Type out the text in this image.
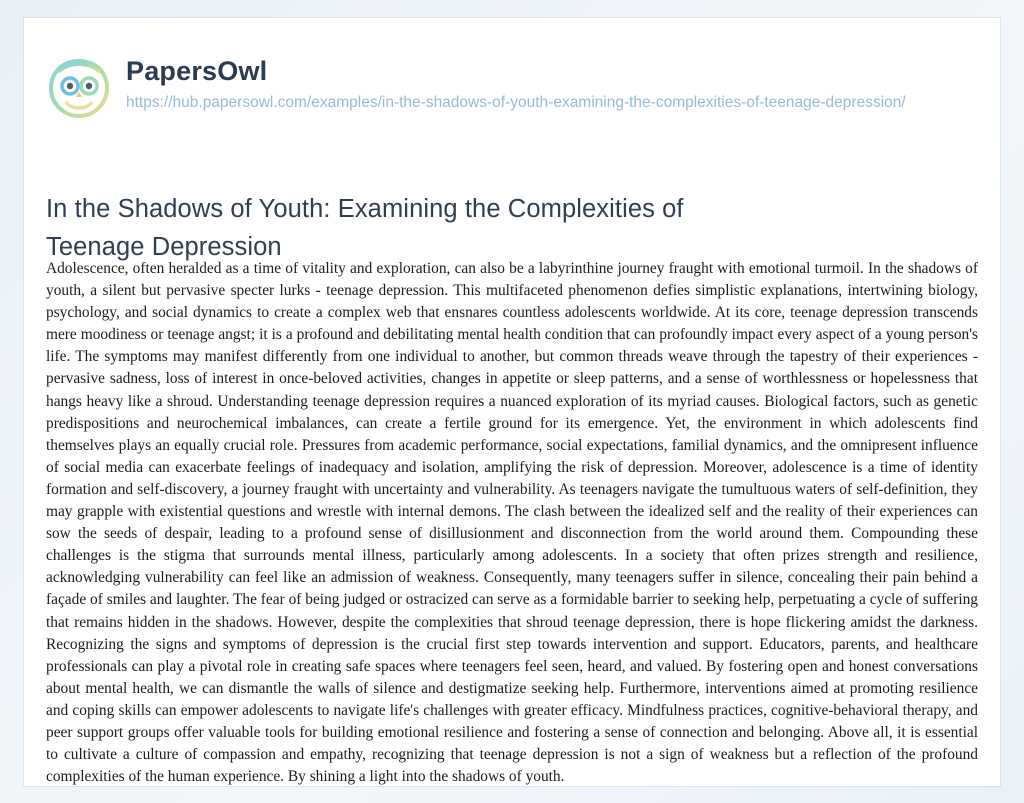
PapersOwl
https://hub.papersowl.com/examples/in-the-shadows-of-youth-examining-the-complexities-of-teenage-depression/
In the Shadows of Youth: Examining the Complexities of Teenage Depression
Adolescence, often heralded as a time of vitality and exploration, can also be a labyrinthine journey fraught with emotional turmoil. In the shadows of youth, a silent but pervasive specter lurks - teenage depression. This multifaceted phenomenon defies simplistic explanations, intertwining biology, psychology, and social dynamics to create a complex web that ensnares countless adolescents worldwide. At its core, teenage depression transcends mere moodiness or teenage angst; it is a profound and debilitating mental health condition that can profoundly impact every aspect of a young person's life. The symptoms may manifest differently from one individual to another, but common threads weave through the tapestry of their experiences - pervasive sadness, loss of interest in once-beloved activities, changes in appetite or sleep patterns, and a sense of worthlessness or hopelessness that hangs heavy like a shroud. Understanding teenage depression requires a nuanced exploration of its myriad causes. Biological factors, such as genetic predispositions and neurochemical imbalances, can create a fertile ground for its emergence. Yet, the environment in which adolescents find themselves plays an equally crucial role. Pressures from academic performance, social expectations, familial dynamics, and the omnipresent influence of social media can exacerbate feelings of inadequacy and isolation, amplifying the risk of depression. Moreover, adolescence is a time of identity formation and self-discovery, a journey fraught with uncertainty and vulnerability. As teenagers navigate the tumultuous waters of self-definition, they may grapple with existential questions and wrestle with internal demons. The clash between the idealized self and the reality of their experiences can sow the seeds of despair, leading to a profound sense of disillusionment and disconnection from the world around them. Compounding these challenges is the stigma that surrounds mental illness, particularly among adolescents. In a society that often prizes strength and resilience, acknowledging vulnerability can feel like an admission of weakness. Consequently, many teenagers suffer in silence, concealing their pain behind a façade of smiles and laughter. The fear of being judged or ostracized can serve as a formidable barrier to seeking help, perpetuating a cycle of suffering that remains hidden in the shadows. However, despite the complexities that shroud teenage depression, there is hope flickering amidst the darkness. Recognizing the signs and symptoms of depression is the crucial first step towards intervention and support. Educators, parents, and healthcare professionals can play a pivotal role in creating safe spaces where teenagers feel seen, heard, and valued. By fostering open and honest conversations about mental health, we can dismantle the walls of silence and destigmatize seeking help. Furthermore, interventions aimed at promoting resilience and coping skills can empower adolescents to navigate life's challenges with greater efficacy. Mindfulness practices, cognitive-behavioral therapy, and peer support groups offer valuable tools for building emotional resilience and fostering a sense of connection and belonging. Above all, it is essential to cultivate a culture of compassion and empathy, recognizing that teenage depression is not a sign of weakness but a reflection of the profound complexities of the human experience. By shining a light into the shadows of youth.
